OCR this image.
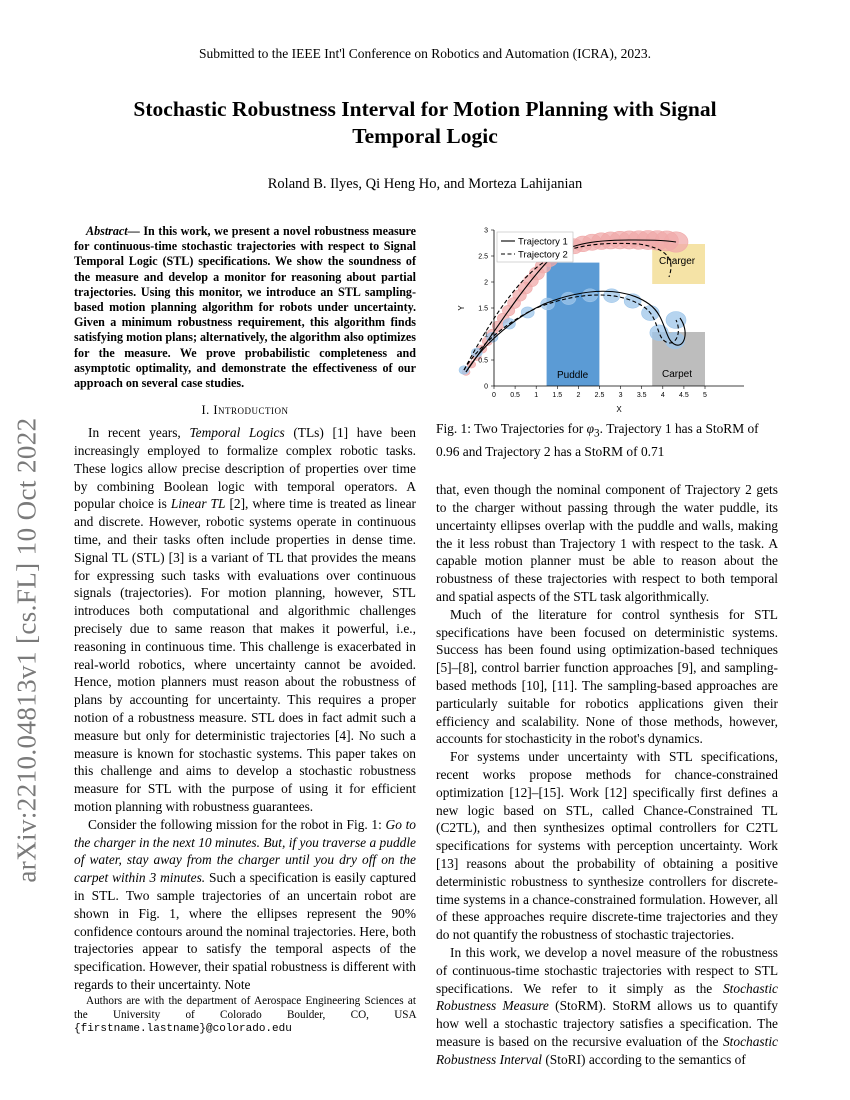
arXiv:2210.04813v1 [cs.FL] 10 Oct 2022
Submitted to the IEEE Int'l Conference on Robotics and Automation (ICRA), 2023.
Stochastic Robustness Interval for Motion Planning with Signal
Temporal Logic
Roland B. Ilyes, Qi Heng Ho, and Morteza Lahijanian

Abstract— In this work, we present a novel robustness measure for continuous-time stochastic trajectories with respect to Signal Temporal Logic (STL) specifications. We show the soundness of the measure and develop a monitor for reasoning about partial trajectories. Using this monitor, we introduce an STL sampling-based motion planning algorithm for robots under uncertainty. Given a minimum robustness requirement, this algorithm finds satisfying motion plans; alternatively, the algorithm also optimizes for the measure. We prove probabilistic completeness and asymptotic optimality, and demonstrate the effectiveness of our approach on several case studies.

I. Introduction

In recent years, Temporal Logics (TLs) [1] have been increasingly employed to formalize complex robotic tasks. These logics allow precise description of properties over time by combining Boolean logic with temporal operators. A popular choice is Linear TL [2], where time is treated as linear and discrete. However, robotic systems operate in continuous time, and their tasks often include properties in dense time. Signal TL (STL) [3] is a variant of TL that provides the means for expressing such tasks with evaluations over continuous signals (trajectories). For motion planning, however, STL introduces both computational and algorithmic challenges precisely due to same reason that makes it powerful, i.e., reasoning in continuous time. This challenge is exacerbated in real-world robotics, where uncertainty cannot be avoided. Hence, motion planners must reason about the robustness of plans by accounting for uncertainty. This requires a proper notion of a robustness measure. STL does in fact admit such a measure but only for deterministic trajectories [4]. No such a measure is known for stochastic systems. This paper takes on this challenge and aims to develop a stochastic robustness measure for STL with the purpose of using it for efficient motion planning with robustness guarantees.

Consider the following mission for the robot in Fig. 1: Go to the charger in the next 10 minutes. But, if you traverse a puddle of water, stay away from the charger until you dry off on the carpet within 3 minutes. Such a specification is easily captured in STL. Two sample trajectories of an uncertain robot are shown in Fig. 1, where the ellipses represent the 90% confidence contours around the nominal trajectories. Here, both trajectories appear to satisfy the temporal aspects of the specification. However, their spatial robustness is different with regards to their uncertainty. Note

Authors are with the department of Aerospace Engineering Sciences at the University of Colorado Boulder, CO, USA {firstname.lastname}@colorado.edu
Puddle
Charger
Carpet
0 0.5 1 1.5 2 2.5 3 3.5 4 4.5 5
0
0.5
1
1.5
2
2.5
3
X
Y
Trajectory 1
Trajectory 2

Fig. 1: Two Trajectories for $\varphi_3$. Trajectory 1 has a StoRM of 0.96 and Trajectory 2 has a StoRM of 0.71

that, even though the nominal component of Trajectory 2 gets to the charger without passing through the water puddle, its uncertainty ellipses overlap with the puddle and walls, making the it less robust than Trajectory 1 with respect to the task. A capable motion planner must be able to reason about the robustness of these trajectories with respect to both temporal and spatial aspects of the STL task algorithmically.

Much of the literature for control synthesis for STL specifications have been focused on deterministic systems. Success has been found using optimization-based techniques [5]–[8], control barrier function approaches [9], and sampling-based methods [10], [11]. The sampling-based approaches are particularly suitable for robotics applications given their efficiency and scalability. None of those methods, however, accounts for stochasticity in the robot's dynamics.

For systems under uncertainty with STL specifications, recent works propose methods for chance-constrained optimization [12]–[15]. Work [12] specifically first defines a new logic based on STL, called Chance-Constrained TL (C2TL), and then synthesizes optimal controllers for C2TL specifications for systems with perception uncertainty. Work [13] reasons about the probability of obtaining a positive deterministic robustness to synthesize controllers for discrete-time systems in a chance-constrained formulation. However, all of these approaches require discrete-time trajectories and they do not quantify the robustness of stochastic trajectories.

In this work, we develop a novel measure of the robustness of continuous-time stochastic trajectories with respect to STL specifications. We refer to it simply as the Stochastic Robustness Measure (StoRM). StoRM allows us to quantify how well a stochastic trajectory satisfies a specification. The measure is based on the recursive evaluation of the Stochastic Robustness Interval (StoRI) according to the semantics of
